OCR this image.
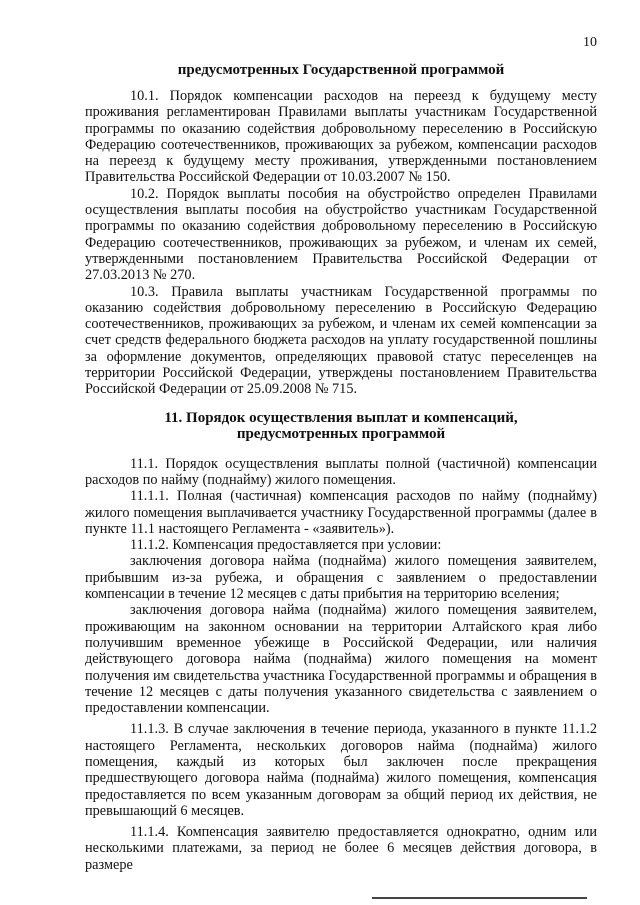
10

предусмотренных Государственной программой

10.1. Порядок компенсации расходов на переезд к будущему месту проживания регламентирован Правилами выплаты участникам Государственной программы по оказанию содействия добровольному переселению в Российскую Федерацию соотечественников, проживающих за рубежом, компенсации расходов на переезд к будущему месту проживания, утвержденными постановлением Правительства Российской Федерации от 10.03.2007 № 150.

10.2. Порядок выплаты пособия на обустройство определен Правилами осуществления выплаты пособия на обустройство участникам Государственной программы по оказанию содействия добровольному переселению в Российскую Федерацию соотечественников, проживающих за рубежом, и членам их семей, утвержденными постановлением Правительства Российской Федерации от 27.03.2013 № 270.

10.3. Правила выплаты участникам Государственной программы по оказанию содействия добровольному переселению в Российскую Федерацию соотечественников, проживающих за рубежом, и членам их семей компенсации за счет средств федерального бюджета расходов на уплату государственной пошлины за оформление документов, определяющих правовой статус переселенцев на территории Российской Федерации, утверждены постановлением Правительства Российской Федерации от 25.09.2008 № 715.

11. Порядок осуществления выплат и компенсаций,

предусмотренных программой

11.1. Порядок осуществления выплаты полной (частичной) компенсации расходов по найму (поднайму) жилого помещения.

11.1.1. Полная (частичная) компенсация расходов по найму (поднайму) жилого помещения выплачивается участнику Государственной программы (далее в пункте 11.1 настоящего Регламента - «заявитель»).

11.1.2. Компенсация предоставляется при условии:

заключения договора найма (поднайма) жилого помещения заявителем, прибывшим из-за рубежа, и обращения с заявлением о предоставлении компенсации в течение 12 месяцев с даты прибытия на территорию вселения;

заключения договора найма (поднайма) жилого помещения заявителем, проживающим на законном основании на территории Алтайского края либо получившим временное убежище в Российской Федерации, или наличия действующего договора найма (поднайма) жилого помещения на момент получения им свидетельства участника Государственной программы и обращения в течение 12 месяцев с даты получения указанного свидетельства с заявлением о предоставлении компенсации.

11.1.3. В случае заключения в течение периода, указанного в пункте 11.1.2 настоящего Регламента, нескольких договоров найма (поднайма) жилого помещения, каждый из которых был заключен после прекращения предшествующего договора найма (поднайма) жилого помещения, компенсация предоставляется по всем указанным договорам за общий период их действия, не превышающий 6 месяцев.

11.1.4. Компенсация заявителю предоставляется однократно, одним или несколькими платежами, за период не более 6 месяцев действия договора, в размере
